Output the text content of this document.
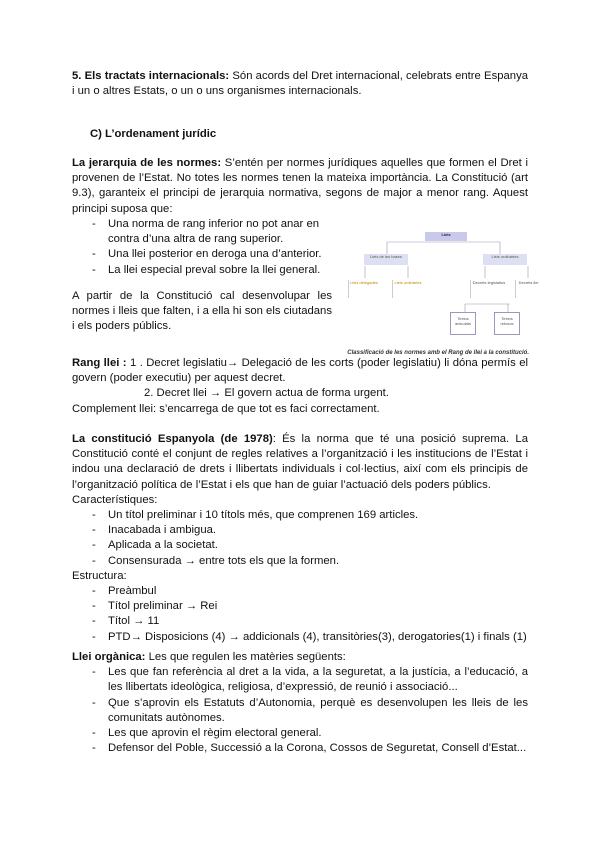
5. Els tractats internacionals: Són acords del Dret internacional, celebrats entre Espanya i un o altres Estats, o un o uns organismes internacionals.

C) L’ordenament jurídic

La jerarquia de les normes: S’entén per normes jurídiques aquelles que formen el Dret i provenen de l’Estat. No totes les normes tenen la mateixa importància. La Constitució (art 9.3), garanteix el principi de jerarquia normativa, segons de major a menor rang. Aquest principi suposa que:

- Una norma de rang inferior no pot anar en contra d’una altra de rang superior.
- Una llei posterior en deroga una d’anterior.
- La llei especial preval sobre la llei general.

A partir de la Constitució cal desenvolupar les normes i lleis que falten, i a ella hi son els ciutadans i els poders públics.

Lleis
Lleis de les bases	Lleis ordinàries
Lleis delegades	Lleis ordinàries	Decrets legislatius	Decrets llei
Textos articulats
Textos refosos
Classificació de les normes amb el Rang de llei a la constitució.
Rang llei : 1 . Decret legislatiu→ Delegació de les corts (poder legislatiu) li dóna permís el govern (poder executiu) per aquest decret.
2. Decret llei → El govern actua de forma urgent.
Complement llei: s’encarrega de que tot es faci correctament.
La constitució Espanyola (de 1978): És la norma que té una posició suprema. La Constitució conté el conjunt de regles relatives a l’organització i les institucions de l’Estat i indou una declaració de drets i llibertats individuals i col·lectius, així com els principis de l’organització política de l’Estat i els que han de guiar l’actuació dels poders públics.
Característiques:
- Un títol preliminar i 10 títols més, que comprenen 169 articles.
- Inacabada i ambigua.
- Aplicada a la societat.
- Consensurada → entre tots els que la formen.
Estructura:
- Preàmbul
- Títol preliminar → Rei
- Títol → 11
- PTD→ Disposicions (4) → addicionals (4), transitòries(3), derogatories(1) i finals (1)
Llei orgànica: Les que regulen les matèries següents:
- Les que fan referència al dret a la vida, a la seguretat, a la justícia, a l’educació, a les llibertats ideològica, religiosa, d’expressió, de reunió i associació...
- Que s’aprovin els Estatuts d’Autonomia, perquè es desenvolupen les lleis de les comunitats autònomes.
- Les que aprovin el règim electoral general.
- Defensor del Poble, Successió a la Corona, Cossos de Seguretat, Consell d’Estat...
